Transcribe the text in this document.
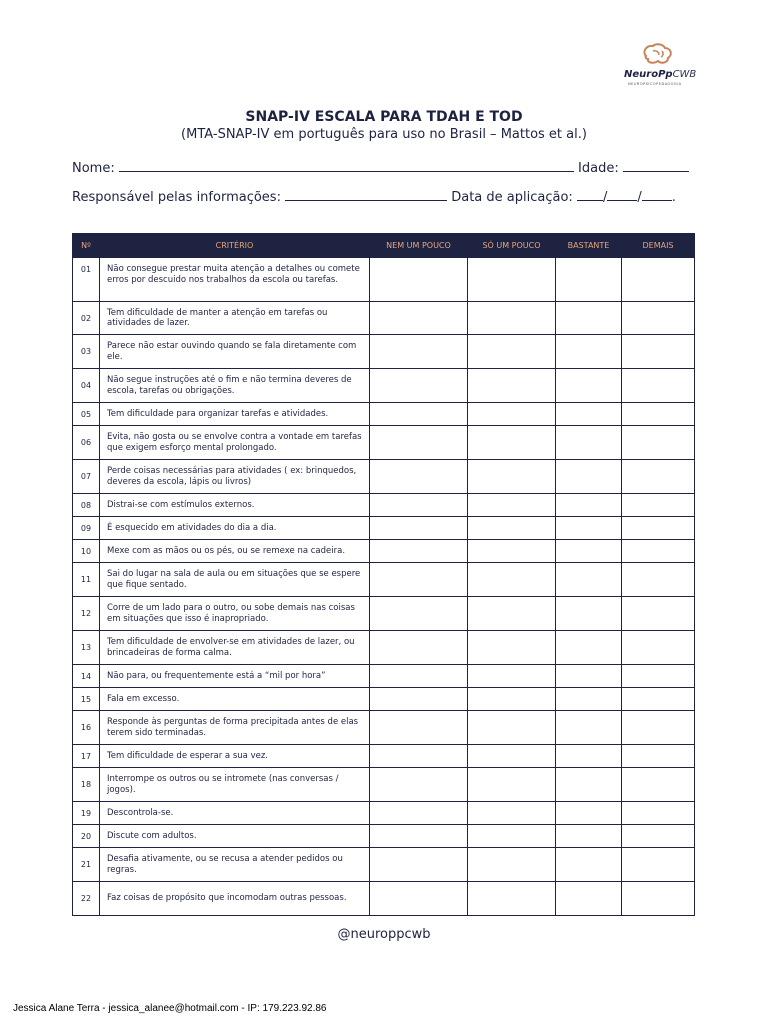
NeuroPpCWB
NEUROPSICOPEDAGOGIA
SNAP-IV ESCALA PARA TDAH E TOD
(MTA-SNAP-IV em português para uso no Brasil – Mattos et al.)
Nome:	Idade:
Responsável pelas informações:	Data de aplicação: / / .
Nº	CRITÉRIO	NEM UM POUCO	SÓ UM POUCO	BASTANTE	DEMAIS
01	Não consegue prestar muita atenção a detalhes ou comete erros por descuido nos trabalhos da escola ou tarefas.				
02	Tem dificuldade de manter a atenção em tarefas ou atividades de lazer.				
03	Parece não estar ouvindo quando se fala diretamente com ele.				
04	Não segue instruções até o fim e não termina deveres de escola, tarefas ou obrigações.				
05	Tem dificuldade para organizar tarefas e atividades.				
06	Evita, não gosta ou se envolve contra a vontade em tarefas que exigem esforço mental prolongado.				
07	Perde coisas necessárias para atividades ( ex: brinquedos, deveres da escola, lápis ou livros)				
08	Distrai-se com estímulos externos.				
09	É esquecido em atividades do dia a dia.				
10	Mexe com as mãos ou os pés, ou se remexe na cadeira.				
11	Sai do lugar na sala de aula ou em situações que se espere que fique sentado.				
12	Corre de um lado para o outro, ou sobe demais nas coisas em situações que isso é inapropriado.				
13	Tem dificuldade de envolver-se em atividades de lazer, ou brincadeiras de forma calma.				
14	Não para, ou frequentemente está a “mil por hora”				
15	Fala em excesso.				
16	Responde às perguntas de forma precipitada antes de elas terem sido terminadas.				
17	Tem dificuldade de esperar a sua vez.				
18	Interrompe os outros ou se intromete (nas conversas / jogos).				
19	Descontrola-se.				
20	Discute com adultos.				
21	Desafia ativamente, ou se recusa a atender pedidos ou regras.				
22	Faz coisas de propósito que incomodam outras pessoas.				
@neuroppcwb
Jessica Alane Terra - jessica_alanee@hotmail.com - IP: 179.223.92.86
